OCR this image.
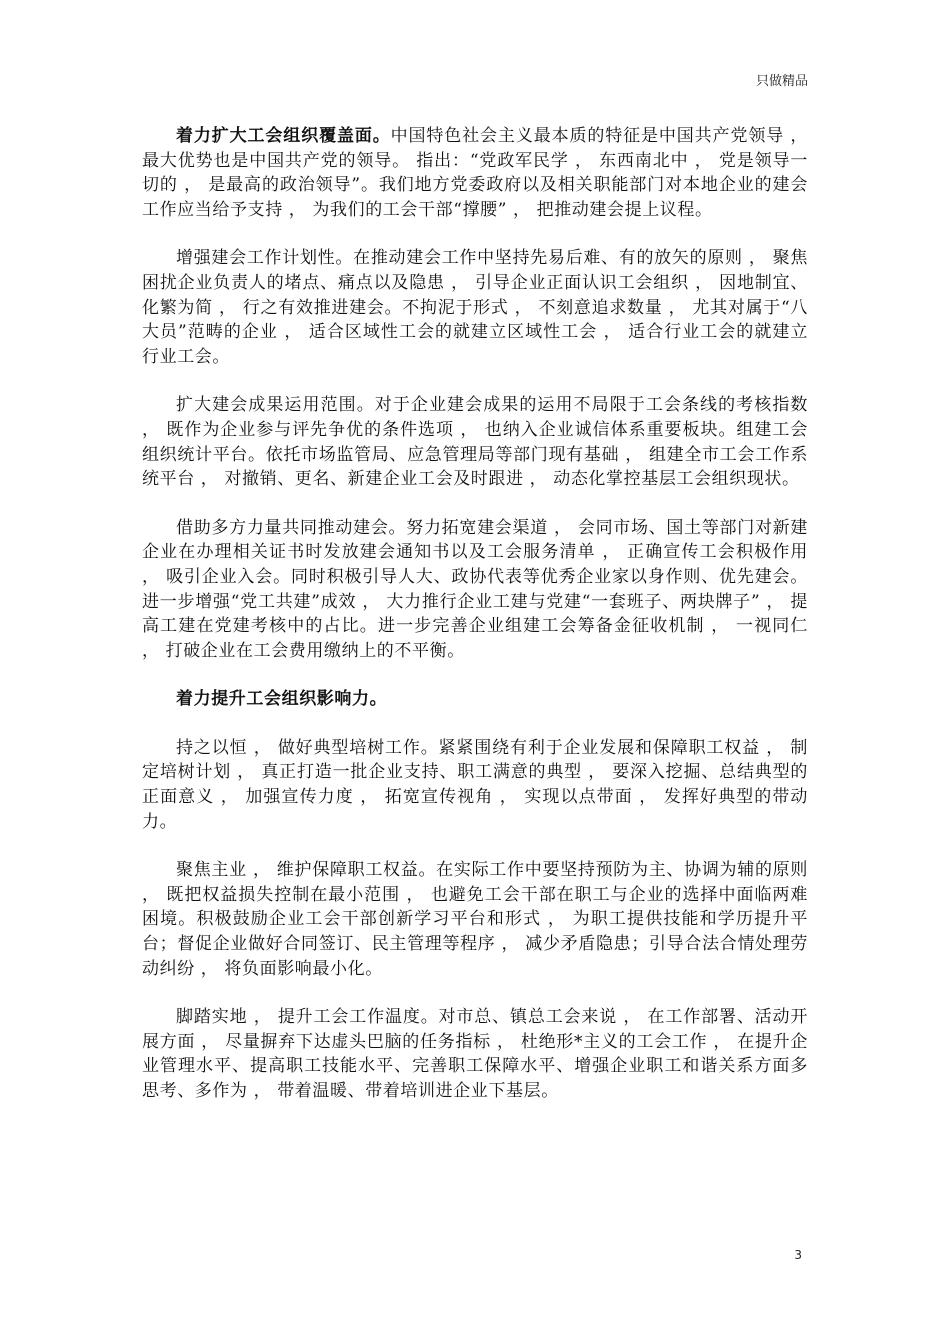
只做精品

着力扩大工会组织覆盖面。中国特色社会主义最本质的特征是中国共产党领导 ， 最大优势也是中国共产党的领导。 指出：“党政军民学 ， 东西南北中 ， 党是领导一切的 ， 是最高的政治领导”。我们地方党委政府以及相关职能部门对本地企业的建会工作应当给予支持 ， 为我们的工会干部“撑腰” ， 把推动建会提上议程。

增强建会工作计划性。在推动建会工作中坚持先易后难、有的放矢的原则 ， 聚焦困扰企业负责人的堵点、痛点以及隐患 ， 引导企业正面认识工会组织 ， 因地制宜、化繁为简 ， 行之有效推进建会。不拘泥于形式 ， 不刻意追求数量 ， 尤其对属于“八大员”范畴的企业 ， 适合区域性工会的就建立区域性工会 ， 适合行业工会的就建立行业工会。

扩大建会成果运用范围。对于企业建会成果的运用不局限于工会条线的考核指数 ， 既作为企业参与评先争优的条件选项 ， 也纳入企业诚信体系重要板块。组建工会组织统计平台。依托市场监管局、应急管理局等部门现有基础 ， 组建全市工会工作系统平台 ， 对撤销、更名、新建企业工会及时跟进 ， 动态化掌控基层工会组织现状。

借助多方力量共同推动建会。努力拓宽建会渠道 ， 会同市场、国土等部门对新建企业在办理相关证书时发放建会通知书以及工会服务清单 ， 正确宣传工会积极作用 ， 吸引企业入会。同时积极引导人大、政协代表等优秀企业家以身作则、优先建会。进一步增强“党工共建”成效 ， 大力推行企业工建与党建“一套班子、两块牌子” ， 提高工建在党建考核中的占比。进一步完善企业组建工会筹备金征收机制 ， 一视同仁 ， 打破企业在工会费用缴纳上的不平衡。

着力提升工会组织影响力。

持之以恒 ， 做好典型培树工作。紧紧围绕有利于企业发展和保障职工权益 ， 制定培树计划 ， 真正打造一批企业支持、职工满意的典型 ， 要深入挖掘、总结典型的正面意义 ， 加强宣传力度 ， 拓宽宣传视角 ， 实现以点带面 ， 发挥好典型的带动力。

聚焦主业 ， 维护保障职工权益。在实际工作中要坚持预防为主、协调为辅的原则 ， 既把权益损失控制在最小范围 ， 也避免工会干部在职工与企业的选择中面临两难困境。积极鼓励企业工会干部创新学习平台和形式 ， 为职工提供技能和学历提升平台；督促企业做好合同签订、民主管理等程序 ， 减少矛盾隐患；引导合法合情处理劳动纠纷 ， 将负面影响最小化。

脚踏实地 ， 提升工会工作温度。对市总、镇总工会来说 ， 在工作部署、活动开展方面 ， 尽量摒弃下达虚头巴脑的任务指标 ， 杜绝形*主义的工会工作 ， 在提升企业管理水平、提高职工技能水平、完善职工保障水平、增强企业职工和谐关系方面多思考、多作为 ， 带着温暖、带着培训进企业下基层。

3
